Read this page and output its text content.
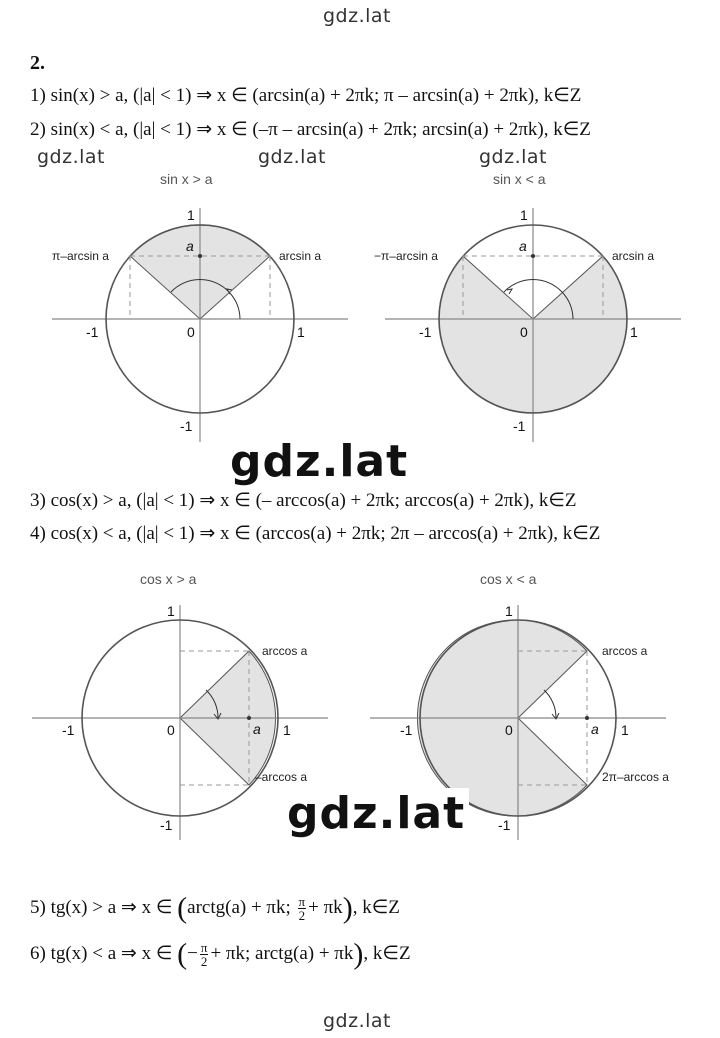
gdz.lat
gdz.lat	gdz.lat	gdz.lat
gdz.lat
2.
1) sin(x) > a, (|a| < 1) ⇒ x ∈ (arcsin(a) + 2πk; π – arcsin(a) + 2πk), k∈Z
2) sin(x) < a, (|a| < 1) ⇒ x ∈ (–π – arcsin(a) + 2πk; arcsin(a) + 2πk), k∈Z
3) cos(x) > a, (|a| < 1) ⇒ x ∈ (– arccos(a) + 2πk; arccos(a) + 2πk), k∈Z
4) cos(x) < a, (|a| < 1) ⇒ x ∈ (arccos(a) + 2πk; 2π – arccos(a) + 2πk), k∈Z
5) tg(x) > a ⇒ x ∈ (arctg(a) + πk; $\frac{\pi}{2} + \pi k$), k∈Z
6) tg(x) < a ⇒ x ∈ (− $\frac{\pi}{2} + \pi k$; arctg(a) + πk), k∈Z
sin x > a
π–arcsin a	arcsin a
a
1
-1	0	1
-1
sin x < a
−π–arcsin a	arcsin a
a
1
-1	0	1
-1
cos x > a
arccos a
–arccos a
a
1
-1	0	1
-1
cos x < a
arccos a
2π–arccos a
a
1
-1	0	1
-1
gdz.lat
gdz.lat
